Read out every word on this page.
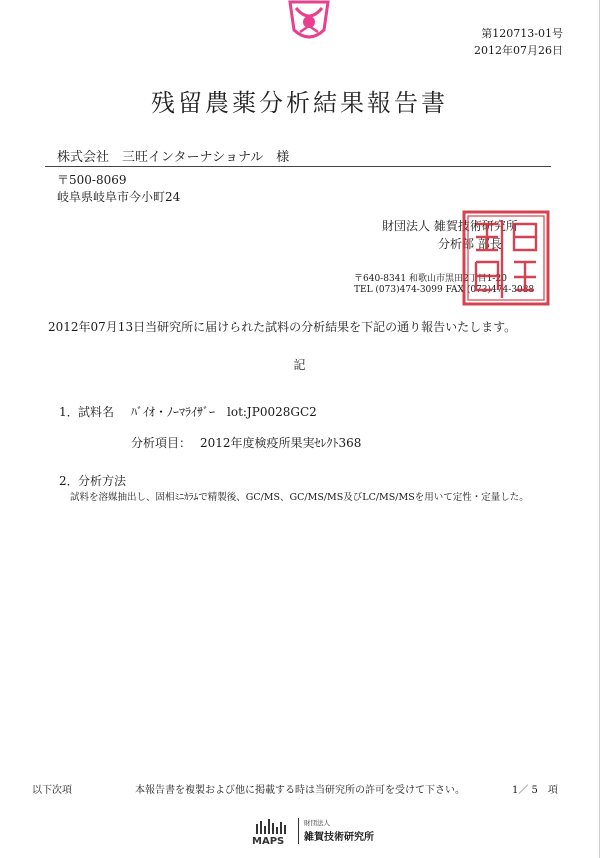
第120713-01号
2012年07月26日
残留農薬分析結果報告書
株式会社　三旺インターナショナル　様
〒500-8069
岐阜県岐阜市今小町24
財団法人 雑賀技術研究所
分析部 部長
〒640-8341 和歌山市黒田2丁目1-20
TEL (073)474-3099 FAX (073)474-3088
2012年07月13日当研究所に届けられた試料の分析結果を下記の通り報告いたします。
記
1． 試料名 ﾊﾞｲｵ・ﾉｰﾏﾗｲｻﾞｰ　lot:JP0028GC2
分析項目： 2012年度検疫所果実ｾﾚｸﾄ368
2． 分析方法
試料を溶媒抽出し、固相ﾐﾆｶﾗﾑで精製後、GC/MS、GC/MS/MS及びLC/MS/MSを用いて定性・定量した。
以下次項	本報告書を複製および他に掲載する時は当研究所の許可を受けて下さい。	1／ 5　項
MAPS
財団法人
雑賀技術研究所
